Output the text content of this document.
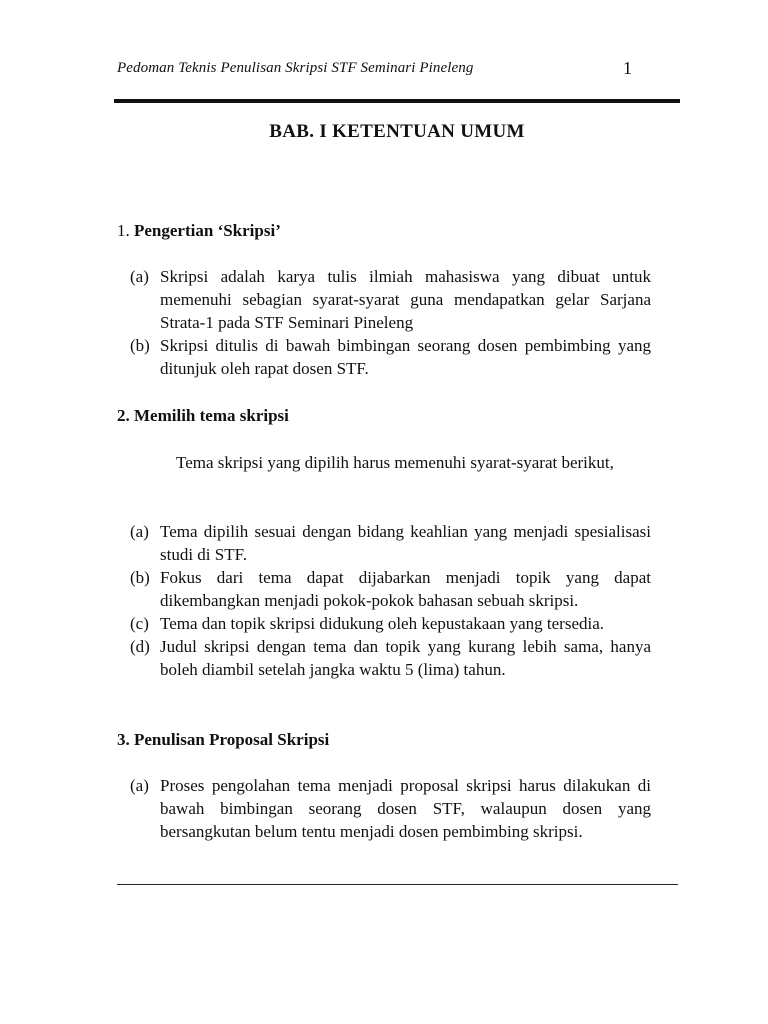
Pedoman Teknis Penulisan Skripsi STF Seminari Pineleng	1
BAB. I KETENTUAN UMUM
1. Pengertian ‘Skripsi’
(a) Skripsi adalah karya tulis ilmiah mahasiswa yang dibuat untuk memenuhi sebagian syarat-syarat guna mendapatkan gelar Sarjana Strata-1 pada STF Seminari Pineleng
(b) Skripsi ditulis di bawah bimbingan seorang dosen pembimbing yang ditunjuk oleh rapat dosen STF.
2. Memilih tema skripsi
Tema skripsi yang dipilih harus memenuhi syarat-syarat berikut,
(a) Tema dipilih sesuai dengan bidang keahlian yang menjadi spesialisasi studi di STF.
(b) Fokus dari tema dapat dijabarkan menjadi topik yang dapat dikembangkan menjadi pokok-pokok bahasan sebuah skripsi.
(c) Tema dan topik skripsi didukung oleh kepustakaan yang tersedia.
(d) Judul skripsi dengan tema dan topik yang kurang lebih sama, hanya boleh diambil setelah jangka waktu 5 (lima) tahun.
3. Penulisan Proposal Skripsi
(a) Proses pengolahan tema menjadi proposal skripsi harus dilakukan di bawah bimbingan seorang dosen STF, walaupun dosen yang bersangkutan belum tentu menjadi dosen pembimbing skripsi.
